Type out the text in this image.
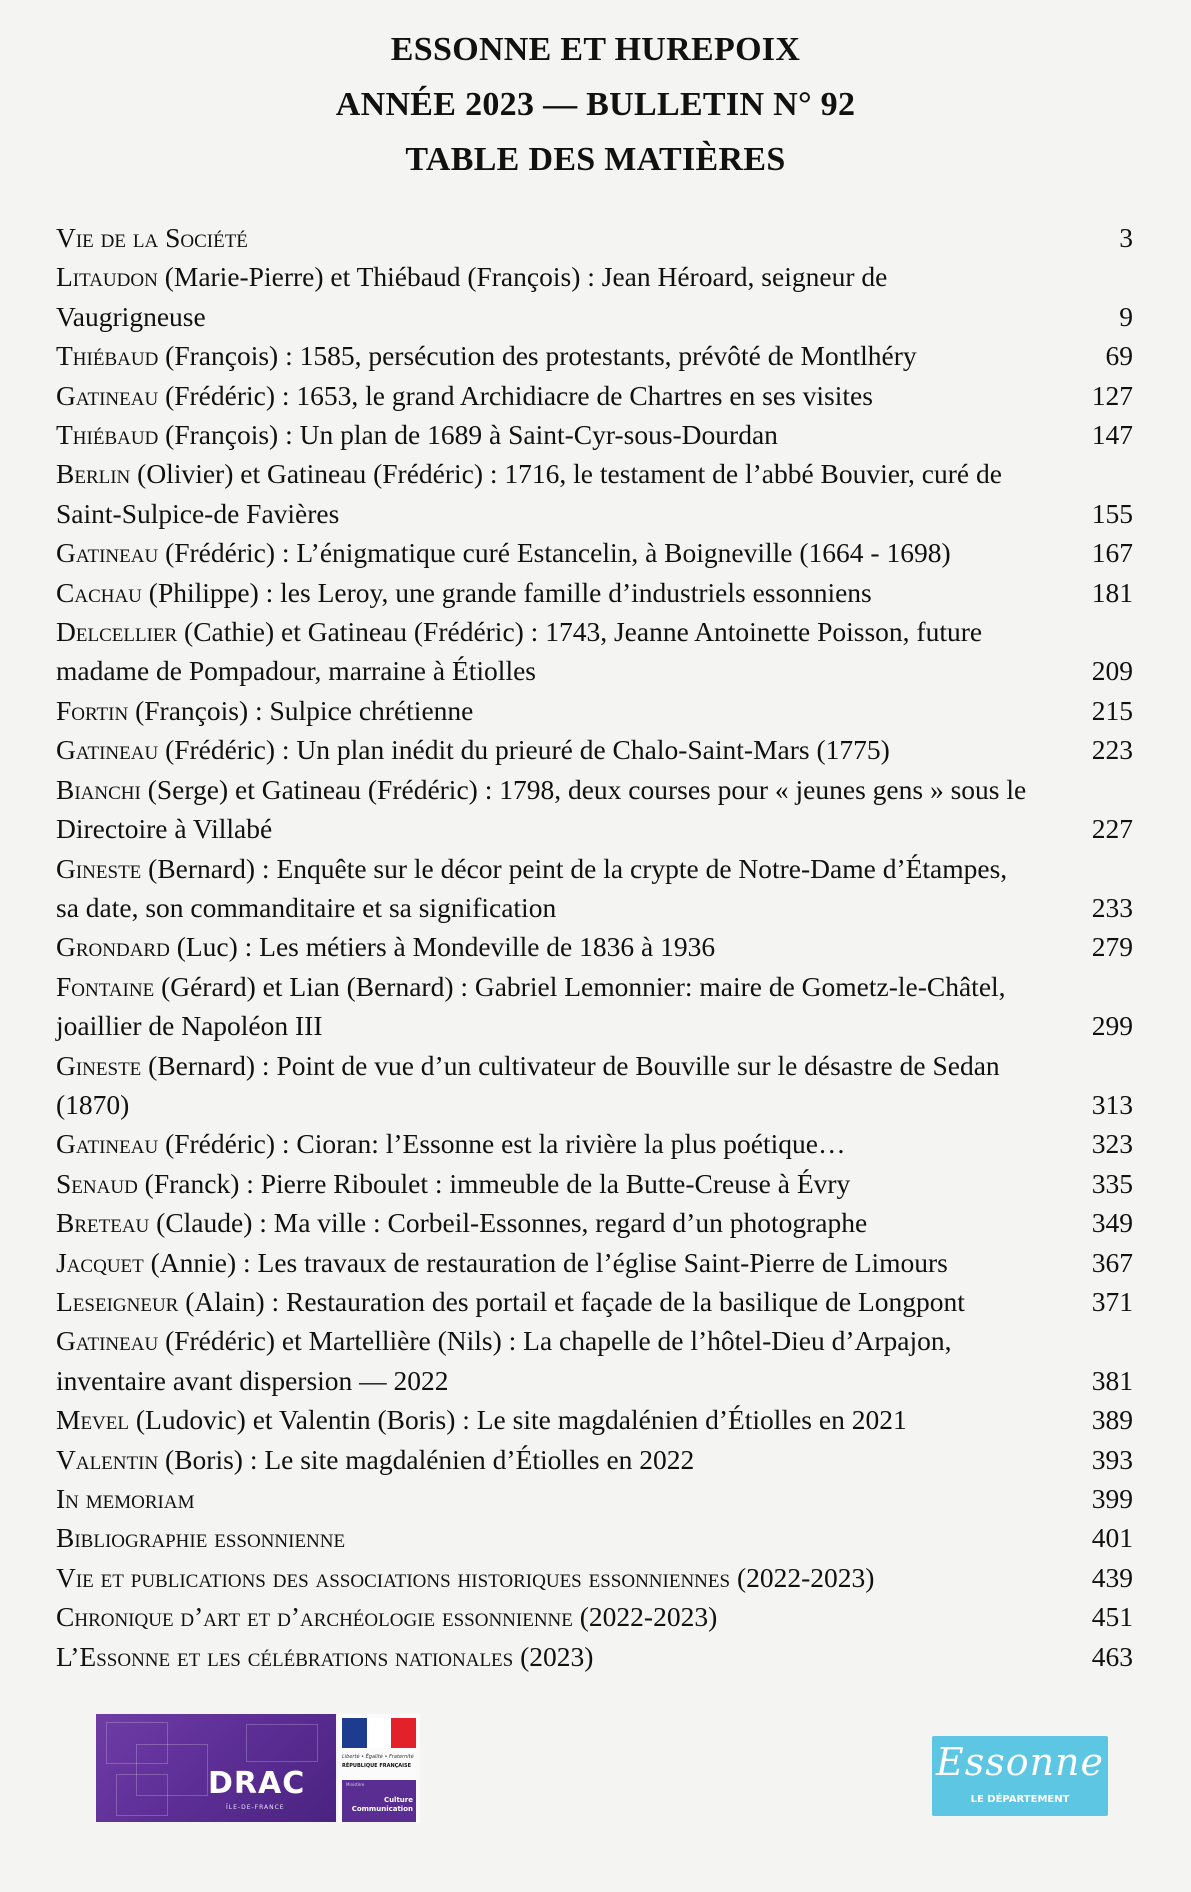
ESSONNE ET HUREPOIX
ANNÉE 2023 — BULLETIN N° 92
TABLE DES MATIÈRES
Vie de la Société	3
Litaudon (Marie-Pierre) et Thiébaud (François) : Jean Héroard, seigneur de Vaugrigneuse	9
Thiébaud (François) : 1585, persécution des protestants, prévôté de Montlhéry	69
Gatineau (Frédéric) : 1653, le grand Archidiacre de Chartres en ses visites	127
Thiébaud (François) : Un plan de 1689 à Saint-Cyr-sous-Dourdan	147
Berlin (Olivier) et Gatineau (Frédéric) : 1716, le testament de l’abbé Bouvier, curé de Saint-Sulpice-de Favières	155
Gatineau (Frédéric) : L’énigmatique curé Estancelin, à Boigneville (1664 - 1698)	167
Cachau (Philippe) : les Leroy, une grande famille d’industriels essonniens	181
Delcellier (Cathie) et Gatineau (Frédéric) : 1743, Jeanne Antoinette Poisson, future madame de Pompadour, marraine à Étiolles	209
Fortin (François) : Sulpice chrétienne	215
Gatineau (Frédéric) : Un plan inédit du prieuré de Chalo-Saint-Mars (1775)	223
Bianchi (Serge) et Gatineau (Frédéric) : 1798, deux courses pour « jeunes gens » sous le Directoire à Villabé	227
Gineste (Bernard) : Enquête sur le décor peint de la crypte de Notre-Dame d’Étampes, sa date, son commanditaire et sa signification	233
Grondard (Luc) : Les métiers à Mondeville de 1836 à 1936	279
Fontaine (Gérard) et Lian (Bernard) : Gabriel Lemonnier: maire de Gometz-le-Châtel, joaillier de Napoléon III	299
Gineste (Bernard) : Point de vue d’un cultivateur de Bouville sur le désastre de Sedan (1870)	313
Gatineau (Frédéric) : Cioran: l’Essonne est la rivière la plus poétique…	323
Senaud (Franck) : Pierre Riboulet : immeuble de la Butte-Creuse à Évry	335
Breteau (Claude) : Ma ville : Corbeil-Essonnes, regard d’un photographe	349
Jacquet (Annie) : Les travaux de restauration de l’église Saint-Pierre de Limours	367
Leseigneur (Alain) : Restauration des portail et façade de la basilique de Longpont	371
Gatineau (Frédéric) et Martellière (Nils) : La chapelle de l’hôtel-Dieu d’Arpajon, inventaire avant dispersion — 2022	381
Mevel (Ludovic) et Valentin (Boris) : Le site magdalénien d’Étiolles en 2021	389
Valentin (Boris) : Le site magdalénien d’Étiolles en 2022	393
In memoriam	399
Bibliographie essonnienne	401
Vie et publications des associations historiques essonniennes (2022-2023)	439
Chronique d’art et d’archéologie essonnienne (2022-2023)	451
L’Essonne et les célébrations nationales (2023)	463
DRAC
ÎLE-DE-FRANCE
Liberté • Égalité • Fraternité
RÉPUBLIQUE FRANÇAISE
Ministère
Culture
Communication
Essonne
LE DÉPARTEMENT
